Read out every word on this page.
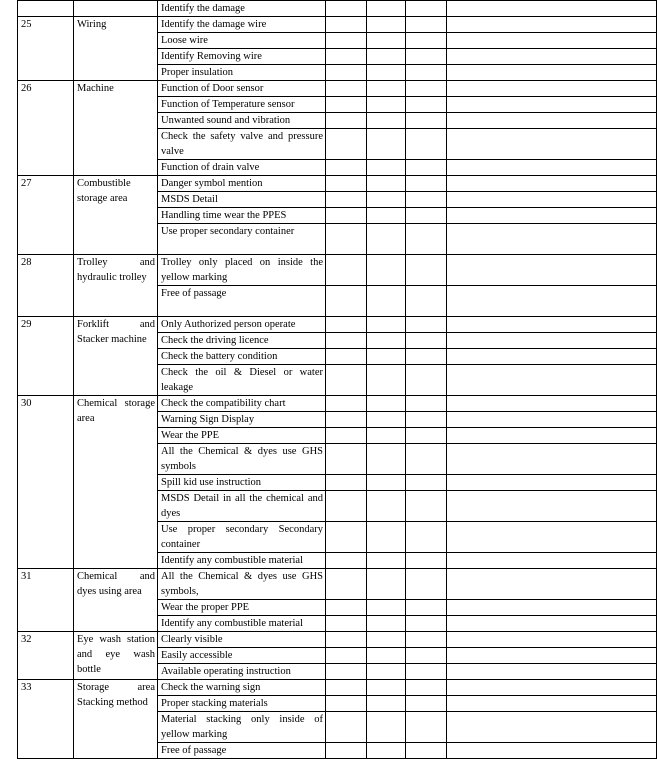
		Identify the damage				
25	Wiring	Identify the damage wire				
		Loose wire				
		Identify Removing wire				
		Proper insulation				
26	Machine	Function of Door sensor				
		Function of Temperature sensor				
		Unwanted sound and vibration				
		Check the safety valve and pressure valve				
		Function of drain valve				
27	Combustible storage area	Danger symbol mention				
		MSDS Detail				
		Handling time wear the PPES				
		Use proper secondary container				
28	Trolley and hydraulic trolley	Trolley only placed on inside the yellow marking				
		Free of passage				
29	Forklift and Stacker machine	Only Authorized person operate				
		Check the driving licence				
		Check the battery condition				
		Check the oil & Diesel or water leakage				
30	Chemical storage area	Check the compatibility chart				
		Warning Sign Display				
		Wear the PPE				
		All the Chemical & dyes use GHS symbols				
		Spill kid use instruction				
		MSDS Detail in all the chemical and dyes				
		Use proper secondary Secondary container				
		Identify any combustible material				
31	Chemical and dyes using area	All the Chemical & dyes use GHS symbols,				
		Wear the proper PPE				
		Identify any combustible material				
32	Eye wash station and eye wash bottle	Clearly visible				
		Easily accessible				
		Available operating instruction				
33	Storage area Stacking method	Check the warning sign				
		Proper stacking materials				
		Material stacking only inside of yellow marking				
		Free of passage				
